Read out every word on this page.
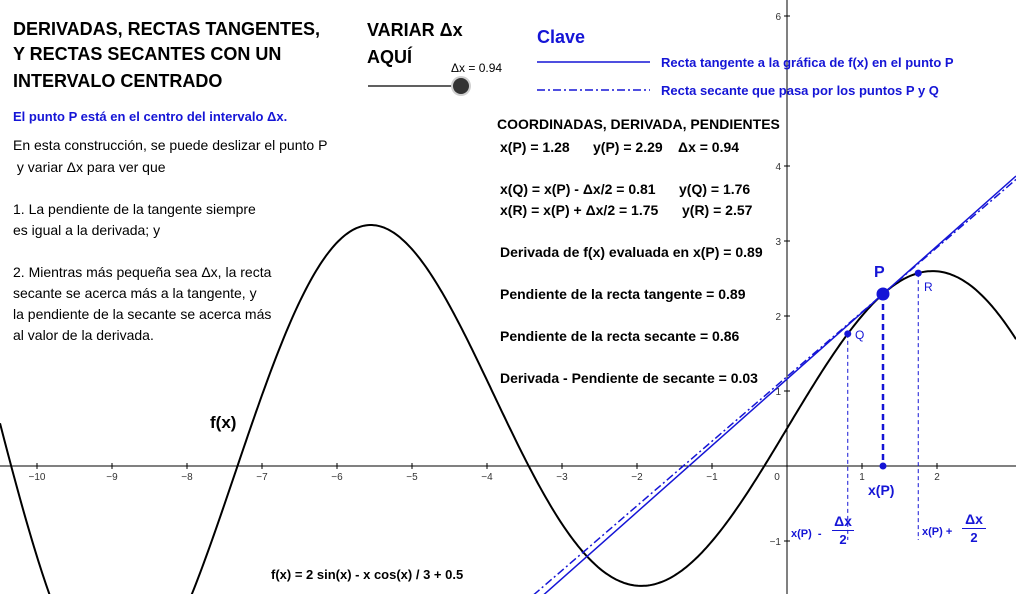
−10	−9	−8	−7	−6	−5	−4	−3	−2	−1	0	1	2
−1
1
2
3
4
6
DERIVADAS, RECTAS TANGENTES,
Y RECTAS SECANTES CON UN
INTERVALO CENTRADO
El punto P está en el centro del intervalo Δx.
En esta construcción, se puede deslizar el punto P
y variar Δx para ver que
1. La pendiente de la tangente siempre
es igual a la derivada; y
2. Mientras más pequeña sea Δx, la recta
secante se acerca más a la tangente, y
la pendiente de la secante se acerca más
al valor de la derivada.
VARIAR Δx
AQUÍ
Δx = 0.94
Clave
Recta tangente a la gráfica de f(x) en el punto P
Recta secante que pasa por los puntos P y Q
COORDINADAS, DERIVADA, PENDIENTES
x(P) = 1.28 y(P) = 2.29 Δx = 0.94
x(Q) = x(P) - Δx/2 = 0.81 y(Q) = 1.76
x(R) = x(P) + Δx/2 = 1.75 y(R) = 2.57
Derivada de f(x) evaluada en x(P) = 0.89
Pendiente de la recta tangente = 0.89
Pendiente de la recta secante = 0.86
Derivada - Pendiente de secante = 0.03
f(x)
f(x) = 2 sin(x) - x cos(x) / 3 + 0.5
P
Q
R
x(P)
x(P)  -
Δx
2	x(P) +
Δx
2
